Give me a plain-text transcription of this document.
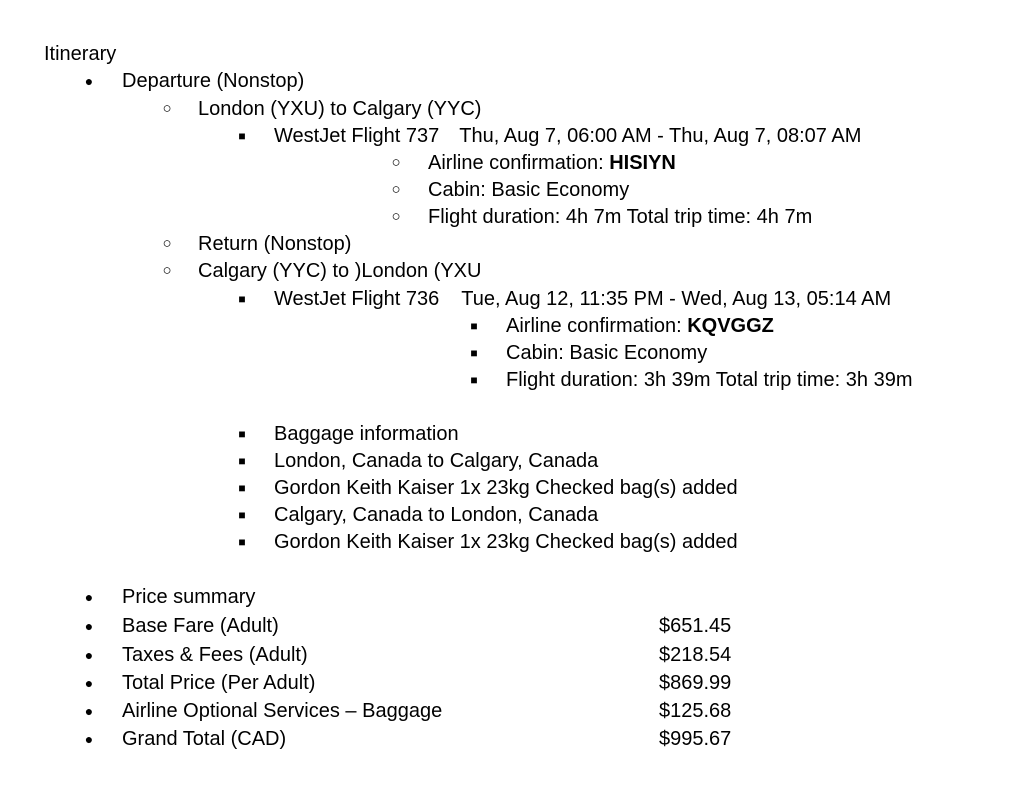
Itinerary
● Departure (Nonstop)
○ London (YXU) to Calgary (YYC)
■ WestJet Flight 737 Thu, Aug 7, 06:00 AM - Thu, Aug 7, 08:07 AM
○ Airline confirmation: HISIYN
○ Cabin: Basic Economy
○ Flight duration: 4h 7m Total trip time: 4h 7m
○ Return (Nonstop)
○ Calgary (YYC) to )London (YXU
■ WestJet Flight 736 Tue, Aug 12, 11:35 PM - Wed, Aug 13, 05:14 AM
■ Airline confirmation: KQVGGZ
■ Cabin: Basic Economy
■ Flight duration: 3h 39m Total trip time: 3h 39m
■ Baggage information
■ London, Canada to Calgary, Canada
■ Gordon Keith Kaiser 1x 23kg Checked bag(s) added
■ Calgary, Canada to London, Canada
■ Gordon Keith Kaiser 1x 23kg Checked bag(s) added
● Price summary
● Base Fare (Adult)	$651.45
● Taxes & Fees (Adult)	$218.54
● Total Price (Per Adult)	$869.99
● Airline Optional Services – Baggage	$125.68
● Grand Total (CAD)	$995.67
